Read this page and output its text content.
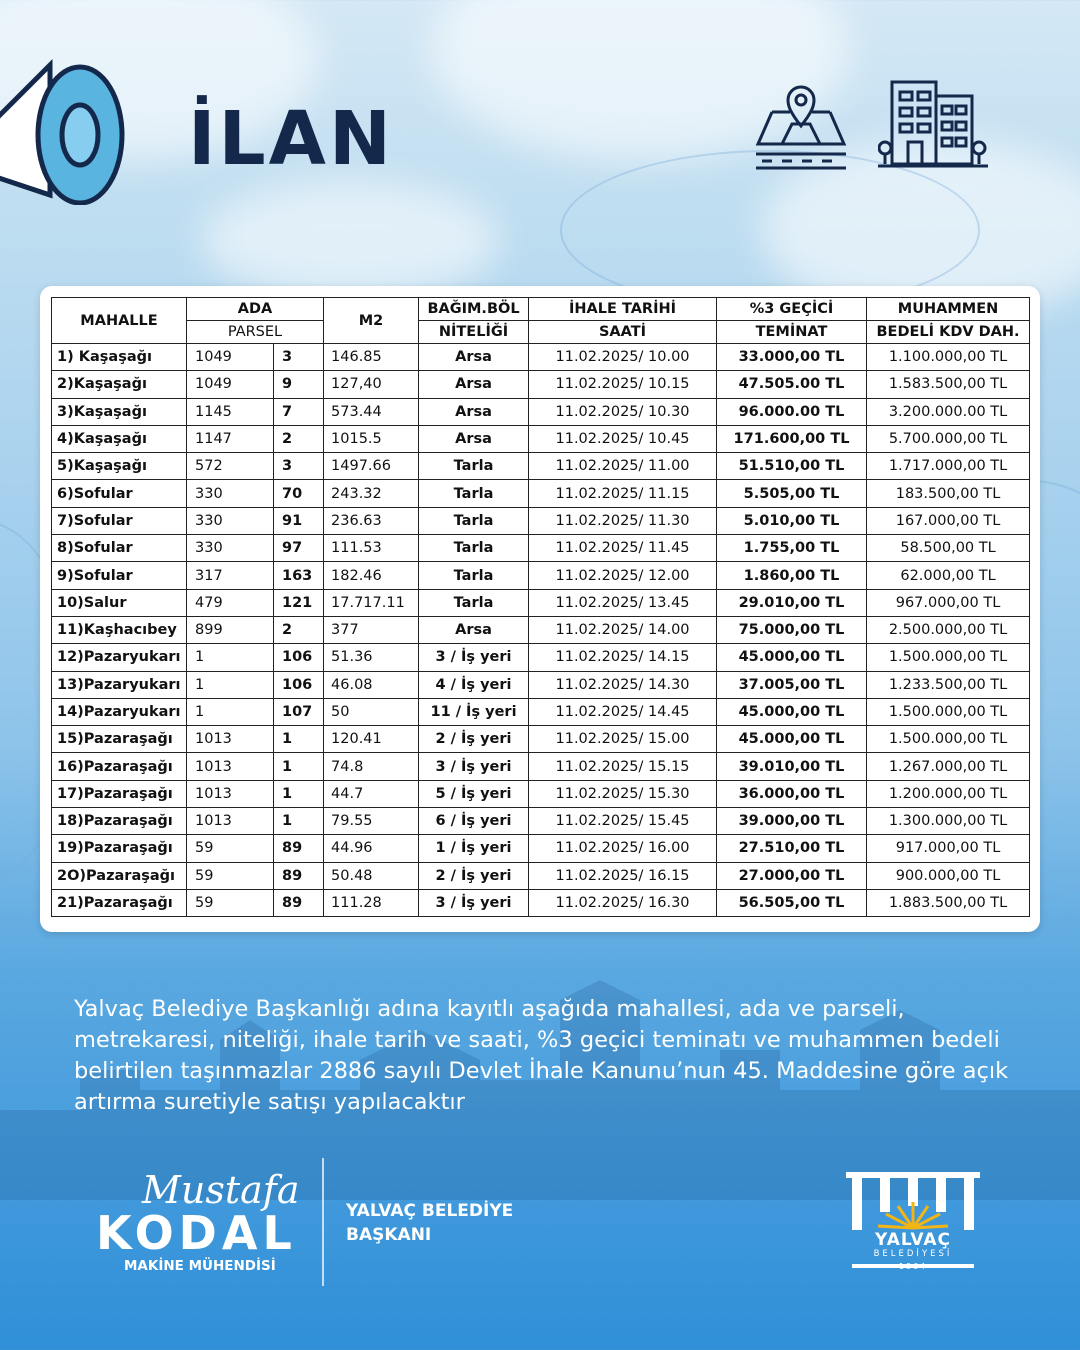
İLAN
MAHALLE	ADA		M2	BAĞIM.BÖL	İHALE TARİHİ	%3 GEÇİCİ	MUHAMMEN
	PARSEL			NİTELİĞİ	SAATİ	TEMİNAT	BEDELİ KDV DAH.
1) Kaşaşağı	1049	3	146.85	Arsa	11.02.2025/ 10.00	33.000,00 TL	1.100.000,00 TL
2)Kaşaşağı	1049	9	127,40	Arsa	11.02.2025/ 10.15	47.505.00 TL	1.583.500,00 TL
3)Kaşaşağı	1145	7	573.44	Arsa	11.02.2025/ 10.30	96.000.00 TL	3.200.000.00 TL
4)Kaşaşağı	1147	2	1015.5	Arsa	11.02.2025/ 10.45	171.600,00 TL	5.700.000,00 TL
5)Kaşaşağı	572	3	1497.66	Tarla	11.02.2025/ 11.00	51.510,00 TL	1.717.000,00 TL
6)Sofular	330	70	243.32	Tarla	11.02.2025/ 11.15	5.505,00 TL	183.500,00 TL
7)Sofular	330	91	236.63	Tarla	11.02.2025/ 11.30	5.010,00 TL	167.000,00 TL
8)Sofular	330	97	111.53	Tarla	11.02.2025/ 11.45	1.755,00 TL	58.500,00 TL
9)Sofular	317	163	182.46	Tarla	11.02.2025/ 12.00	1.860,00 TL	62.000,00 TL
10)Salur	479	121	17.717.11	Tarla	11.02.2025/ 13.45	29.010,00 TL	967.000,00 TL
11)Kaşhacıbey	899	2	377	Arsa	11.02.2025/ 14.00	75.000,00 TL	2.500.000,00 TL
12)Pazaryukarı	1	106	51.36	3 / İş yeri	11.02.2025/ 14.15	45.000,00 TL	1.500.000,00 TL
13)Pazaryukarı	1	106	46.08	4 / İş yeri	11.02.2025/ 14.30	37.005,00 TL	1.233.500,00 TL
14)Pazaryukarı	1	107	50	11 / İş yeri	11.02.2025/ 14.45	45.000,00 TL	1.500.000,00 TL
15)Pazaraşağı	1013	1	120.41	2 / İş yeri	11.02.2025/ 15.00	45.000,00 TL	1.500.000,00 TL
16)Pazaraşağı	1013	1	74.8	3 / İş yeri	11.02.2025/ 15.15	39.010,00 TL	1.267.000,00 TL
17)Pazaraşağı	1013	1	44.7	5 / İş yeri	11.02.2025/ 15.30	36.000,00 TL	1.200.000,00 TL
18)Pazaraşağı	1013	1	79.55	6 / İş yeri	11.02.2025/ 15.45	39.000,00 TL	1.300.000,00 TL
19)Pazaraşağı	59	89	44.96	1 / İş yeri	11.02.2025/ 16.00	27.510,00 TL	917.000,00 TL
2O)Pazaraşağı	59	89	50.48	2 / İş yeri	11.02.2025/ 16.15	27.000,00 TL	900.000,00 TL
21)Pazaraşağı	59	89	111.28	3 / İş yeri	11.02.2025/ 16.30	56.505,00 TL	1.883.500,00 TL
Yalvaç Belediye Başkanlığı adına kayıtlı aşağıda mahallesi, ada ve parseli, metrekaresi, niteliği, ihale tarih ve saati, %3 geçici teminatı ve muhammen bedeli belirtilen taşınmazlar 2886 sayılı Devlet İhale Kanunu’nun 45. Maddesine göre açık artırma suretiyle satışı yapılacaktır
Mustafa
KODAL
MAKİNE MÜHENDİSİ
YALVAÇ BELEDİYE
BAŞKANI	YALVAÇ
BELEDİYESİ
1864
